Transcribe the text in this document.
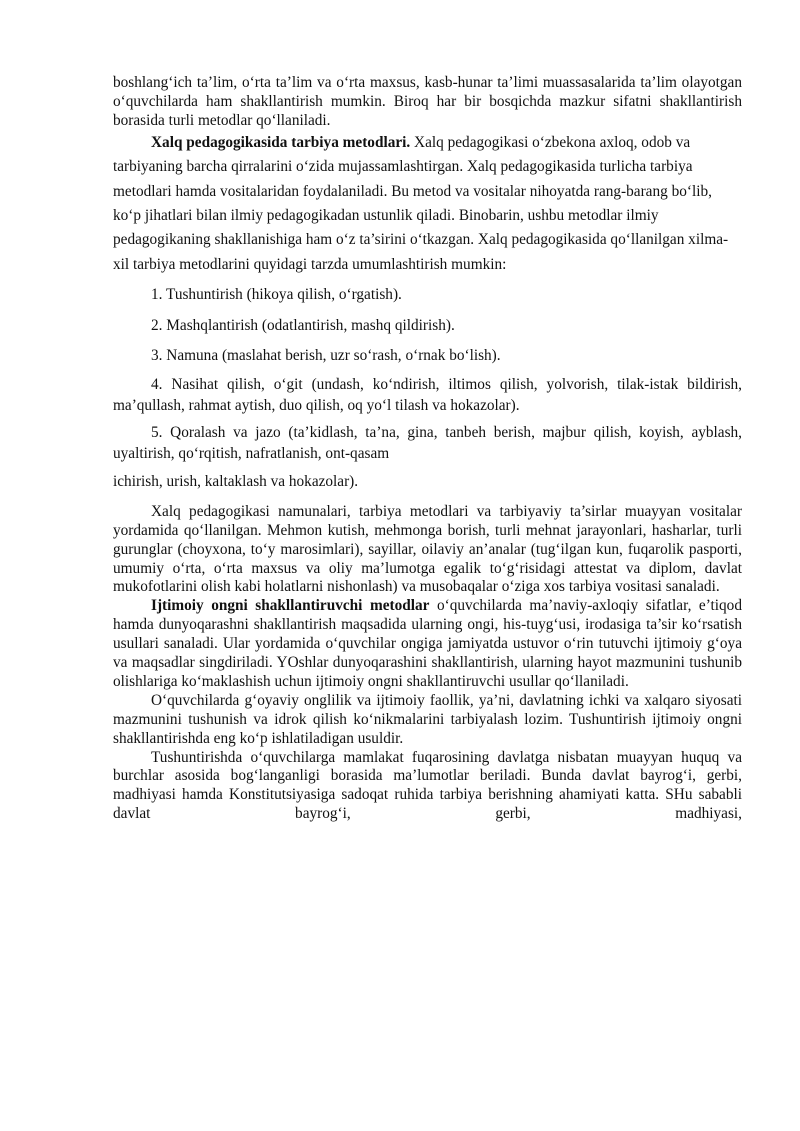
boshlang‘ich ta’lim, o‘rta ta’lim va o‘rta maxsus, kasb-hunar ta’limi muassasalarida ta’lim olayotgan o‘quvchilarda ham shakllantirish mumkin. Biroq har bir bosqichda mazkur sifatni shakllantirish borasida turli metodlar qo‘llaniladi.

Xalq pedagogikasida tarbiya metodlari. Xalq pedagogikasi o‘zbekona axloq, odob va tarbiyaning barcha qirralarini o‘zida mujassamlashtirgan. Xalq pedagogikasida turlicha tarbiya metodlari hamda vositalaridan foydalaniladi. Bu metod va vositalar nihoyatda rang-barang bo‘lib, ko‘p jihatlari bilan ilmiy pedagogikadan ustunlik qiladi. Binobarin, ushbu metodlar ilmiy pedagogikaning shakllanishiga ham o‘z ta’sirini o‘tkazgan. Xalq pedagogikasida qo‘llanilgan xilma-xil tarbiya metodlarini quyidagi tarzda umumlashtirish mumkin:

1. Tushuntirish (hikoya qilish, o‘rgatish).

2. Mashqlantirish (odatlantirish, mashq qildirish).

3. Namuna (maslahat berish, uzr so‘rash, o‘rnak bo‘lish).

4. Nasihat qilish, o‘git (undash, ko‘ndirish, iltimos qilish, yolvorish, tilak-istak bildirish, ma’qullash, rahmat aytish, duo qilish, oq yo‘l tilash va hokazolar).

5. Qoralash va jazo (ta’kidlash, ta’na, gina, tanbeh berish, majbur qilish, koyish, ayblash, uyaltirish, qo‘rqitish, nafratlanish, ont-qasam

ichirish, urish, kaltaklash va hokazolar).

Xalq pedagogikasi namunalari, tarbiya metodlari va tarbiyaviy ta’sirlar muayyan vositalar yordamida qo‘llanilgan. Mehmon kutish, mehmonga borish, turli mehnat jarayonlari, hasharlar, turli gurunglar (choyxona, to‘y marosimlari), sayillar, oilaviy an’analar (tug‘ilgan kun, fuqarolik pasporti, umumiy o‘rta, o‘rta maxsus va oliy ma’lumotga egalik to‘g‘risidagi attestat va diplom, davlat mukofotlarini olish kabi holatlarni nishonlash) va musobaqalar o‘ziga xos tarbiya vositasi sanaladi.

Ijtimoiy ongni shakllantiruvchi metodlar o‘quvchilarda ma’naviy-axloqiy sifatlar, e’tiqod hamda dunyoqarashni shakllantirish maqsadida ularning ongi, his-tuyg‘usi, irodasiga ta’sir ko‘rsatish usullari sanaladi. Ular yordamida o‘quvchilar ongiga jamiyatda ustuvor o‘rin tutuvchi ijtimoiy g‘oya va maqsadlar singdiriladi. YOshlar dunyoqarashini shakllantirish, ularning hayot mazmunini tushunib olishlariga ko‘maklashish uchun ijtimoiy ongni shakllantiruvchi usullar qo‘llaniladi.

O‘quvchilarda g‘oyaviy onglilik va ijtimoiy faollik, ya’ni, davlatning ichki va xalqaro siyosati mazmunini tushunish va idrok qilish ko‘nikmalarini tarbiyalash lozim. Tushuntirish ijtimoiy ongni shakllantirishda eng ko‘p ishlatiladigan usuldir.

Tushuntirishda o‘quvchilarga mamlakat fuqarosining davlatga nisbatan muayyan huquq va burchlar asosida bog‘langanligi borasida ma’lumotlar beriladi. Bunda davlat bayrog‘i, gerbi, madhiyasi hamda Konstitutsiyasiga sadoqat ruhida tarbiya berishning ahamiyati katta. SHu sababli davlat bayrog‘i, gerbi, madhiyasi,
